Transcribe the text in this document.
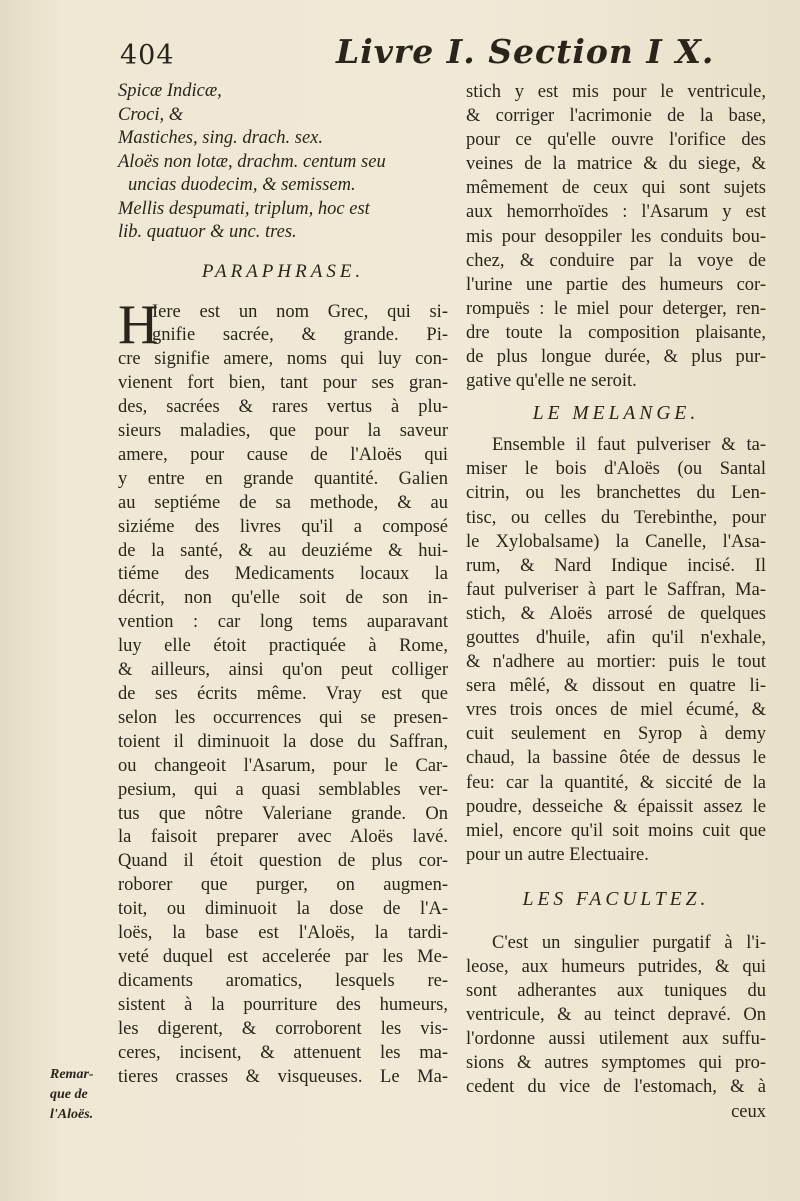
404	Livre I. Section I X.
Spicæ Indicæ,
Croci, &
Mastiches, sing. drach. sex.
Aloës non lotæ, drachm. centum seu
uncias duodecim, & semissem.
Mellis despumati, triplum, hoc est
lib. quatuor & unc. tres.
PARAPHRASE.
H
Iere est un nom Grec, qui si-
gnifie sacrée, & grande. Pi-
cre signifie amere, noms qui luy con-
vienent fort bien, tant pour ses gran-
des, sacrées & rares vertus à plu-
sieurs maladies, que pour la saveur
amere, pour cause de l'Aloës qui
y entre en grande quantité. Galien
au septiéme de sa methode, & au
siziéme des livres qu'il a composé
de la santé, & au deuziéme & hui-
tiéme des Medicaments locaux la
décrit, non qu'elle soit de son in-
vention : car long tems auparavant
luy elle étoit practiquée à Rome,
& ailleurs, ainsi qu'on peut colliger
de ses écrits même. Vray est que
selon les occurrences qui se presen-
toient il diminuoit la dose du Saffran,
ou changeoit l'Asarum, pour le Car-
pesium, qui a quasi semblables ver-
tus que nôtre Valeriane grande. On
la faisoit preparer avec Aloës lavé.
Quand il étoit question de plus cor-
roborer que purger, on augmen-
toit, ou diminuoit la dose de l'A-
loës, la base est l'Aloës, la tardi-
veté duquel est accelerée par les Me-
dicaments aromatics, lesquels re-
sistent à la pourriture des humeurs,
les digerent, & corroborent les vis-
ceres, incisent, & attenuent les ma-
tieres crasses & visqueuses. Le Ma-
stich y est mis pour le ventricule,
& corriger l'acrimonie de la base,
pour ce qu'elle ouvre l'orifice des
veines de la matrice & du siege, &
mêmement de ceux qui sont sujets
aux hemorrhoïdes : l'Asarum y est
mis pour desoppiler les conduits bou-
chez, & conduire par la voye de
l'urine une partie des humeurs cor-
rompuës : le miel pour deterger, ren-
dre toute la composition plaisante,
de plus longue durée, & plus pur-
gative qu'elle ne seroit.
LE MELANGE.
Ensemble il faut pulveriser & ta-
miser le bois d'Aloës (ou Santal
citrin, ou les branchettes du Len-
tisc, ou celles du Terebinthe, pour
le Xylobalsame) la Canelle, l'Asa-
rum, & Nard Indique incisé. Il
faut pulveriser à part le Saffran, Ma-
stich, & Aloës arrosé de quelques
gouttes d'huile, afin qu'il n'exhale,
& n'adhere au mortier: puis le tout
sera mêlé, & dissout en quatre li-
vres trois onces de miel écumé, &
cuit seulement en Syrop à demy
chaud, la bassine ôtée de dessus le
feu: car la quantité, & siccité de la
poudre, desseiche & épaissit assez le
miel, encore qu'il soit moins cuit que
pour un autre Electuaire.
LES FACULTEZ.
C'est un singulier purgatif à l'i-
leose, aux humeurs putrides, & qui
sont adherantes aux tuniques du
ventricule, & au teinct depravé. On
l'ordonne aussi utilement aux suffu-
sions & autres symptomes qui pro-
cedent du vice de l'estomach, & à
ceux
Remar-
que de
l'Aloës.
